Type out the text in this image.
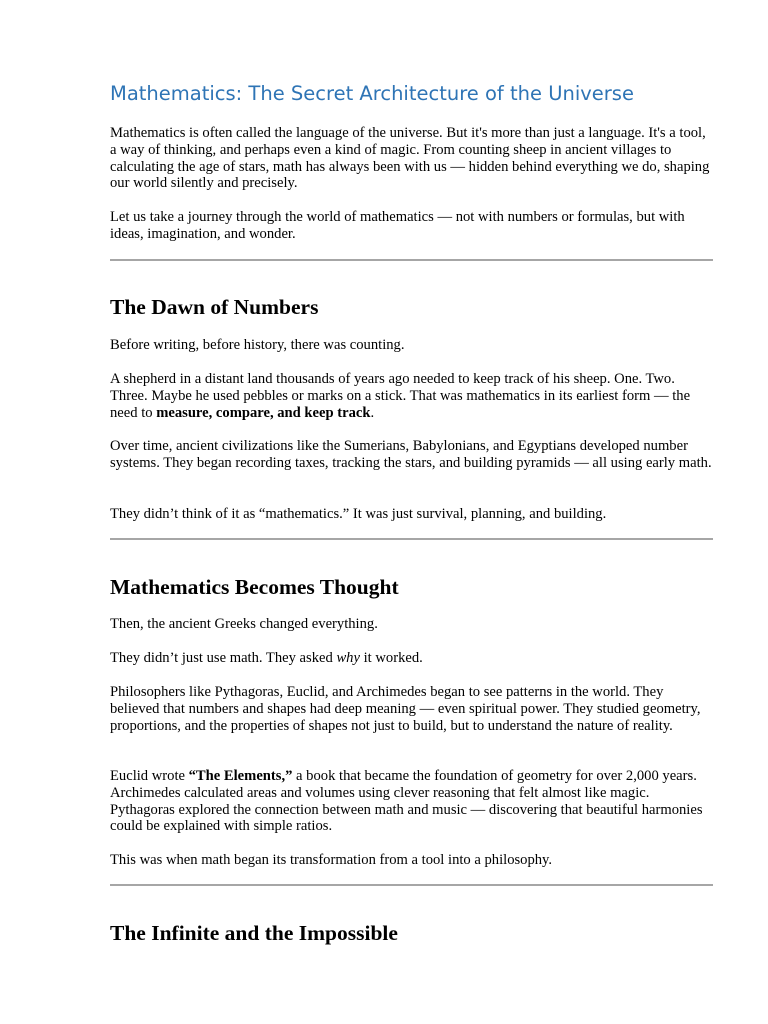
Mathematics: The Secret Architecture of the Universe

Mathematics is often called the language of the universe. But it's more than just a language. It's a tool, a way of thinking, and perhaps even a kind of magic. From counting sheep in ancient villages to calculating the age of stars, math has always been with us — hidden behind everything we do, shaping our world silently and precisely.

Let us take a journey through the world of mathematics — not with numbers or formulas, but with ideas, imagination, and wonder.

The Dawn of Numbers

Before writing, before history, there was counting.

A shepherd in a distant land thousands of years ago needed to keep track of his sheep. One. Two. Three. Maybe he used pebbles or marks on a stick. That was mathematics in its earliest form — the need to measure, compare, and keep track.

Over time, ancient civilizations like the Sumerians, Babylonians, and Egyptians developed number systems. They began recording taxes, tracking the stars, and building pyramids — all using early math.

They didn’t think of it as “mathematics.” It was just survival, planning, and building.

Mathematics Becomes Thought

Then, the ancient Greeks changed everything.

They didn’t just use math. They asked why it worked.

Philosophers like Pythagoras, Euclid, and Archimedes began to see patterns in the world. They believed that numbers and shapes had deep meaning — even spiritual power. They studied geometry, proportions, and the properties of shapes not just to build, but to understand the nature of reality.

Euclid wrote “The Elements,” a book that became the foundation of geometry for over 2,000 years. Archimedes calculated areas and volumes using clever reasoning that felt almost like magic. Pythagoras explored the connection between math and music — discovering that beautiful harmonies could be explained with simple ratios.

This was when math began its transformation from a tool into a philosophy.

The Infinite and the Impossible
